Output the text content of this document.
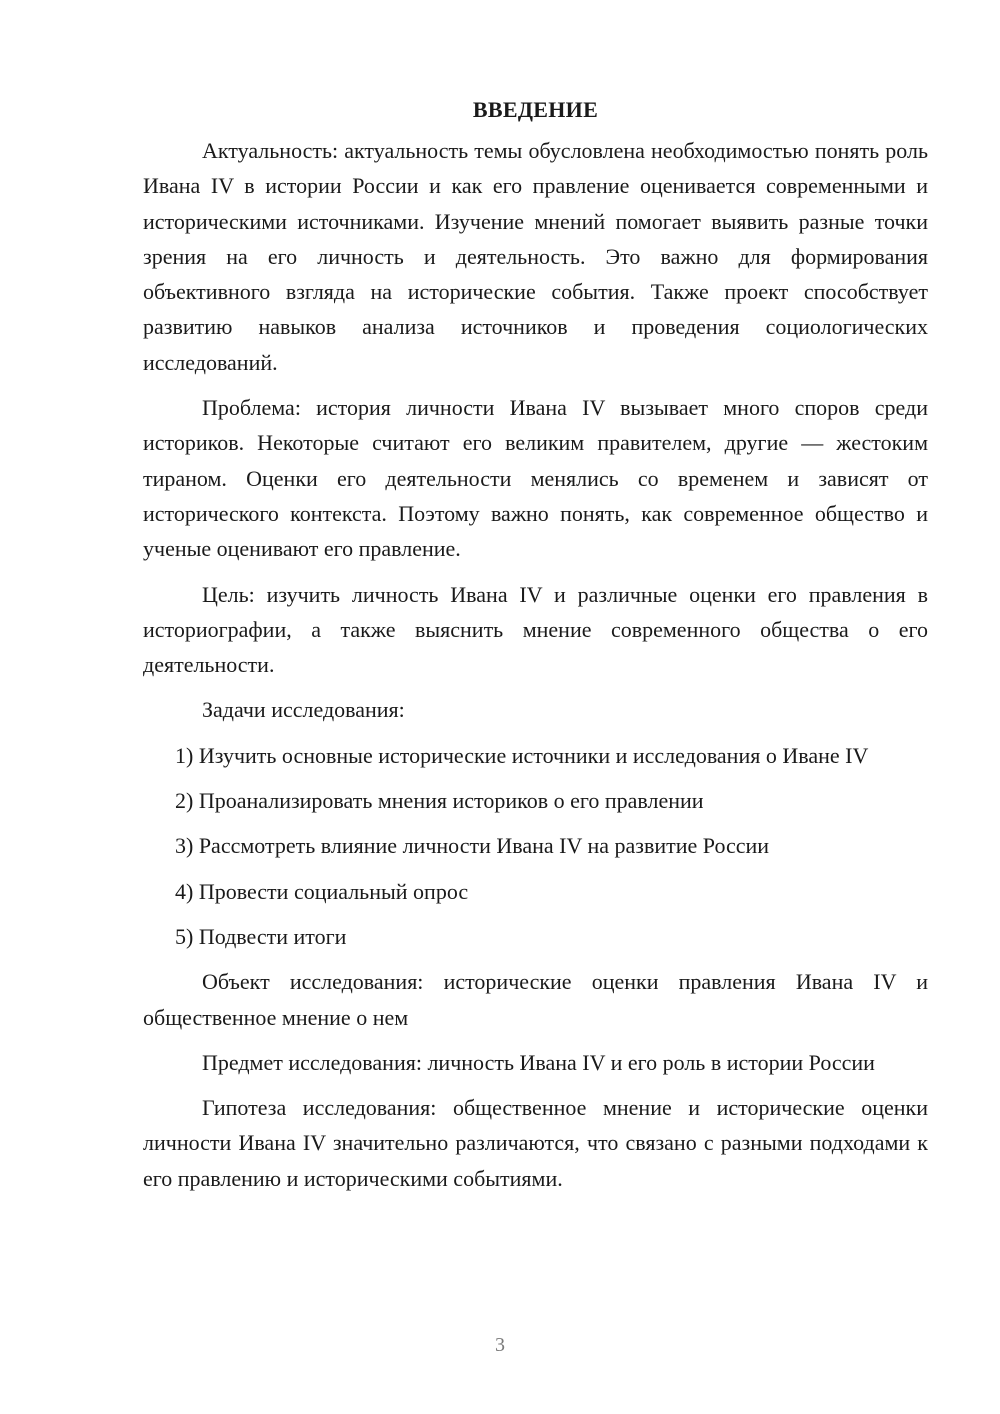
ВВЕДЕНИЕ

Актуальность: актуальность темы обусловлена необходимостью понять роль Ивана IV в истории России и как его правление оценивается современными и историческими источниками. Изучение мнений помогает выявить разные точки зрения на его личность и деятельность. Это важно для формирования объективного взгляда на исторические события. Также проект способствует развитию навыков анализа источников и проведения социологических исследований.

Проблема: история личности Ивана IV вызывает много споров среди историков. Некоторые считают его великим правителем, другие — жестоким тираном. Оценки его деятельности менялись со временем и зависят от исторического контекста. Поэтому важно понять, как современное общество и ученые оценивают его правление.

Цель: изучить личность Ивана IV и различные оценки его правления в историографии, а также выяснить мнение современного общества о его деятельности.

Задачи исследования:

1) Изучить основные исторические источники и исследования о Иване IV

2) Проанализировать мнения историков о его правлении

3) Рассмотреть влияние личности Ивана IV на развитие России

4) Провести социальный опрос

5) Подвести итоги

Объект исследования: исторические оценки правления Ивана IV и общественное мнение о нем

Предмет исследования: личность Ивана IV и его роль в истории России

Гипотеза исследования: общественное мнение и исторические оценки личности Ивана IV значительно различаются, что связано с разными подходами к его правлению и историческими событиями.

3
